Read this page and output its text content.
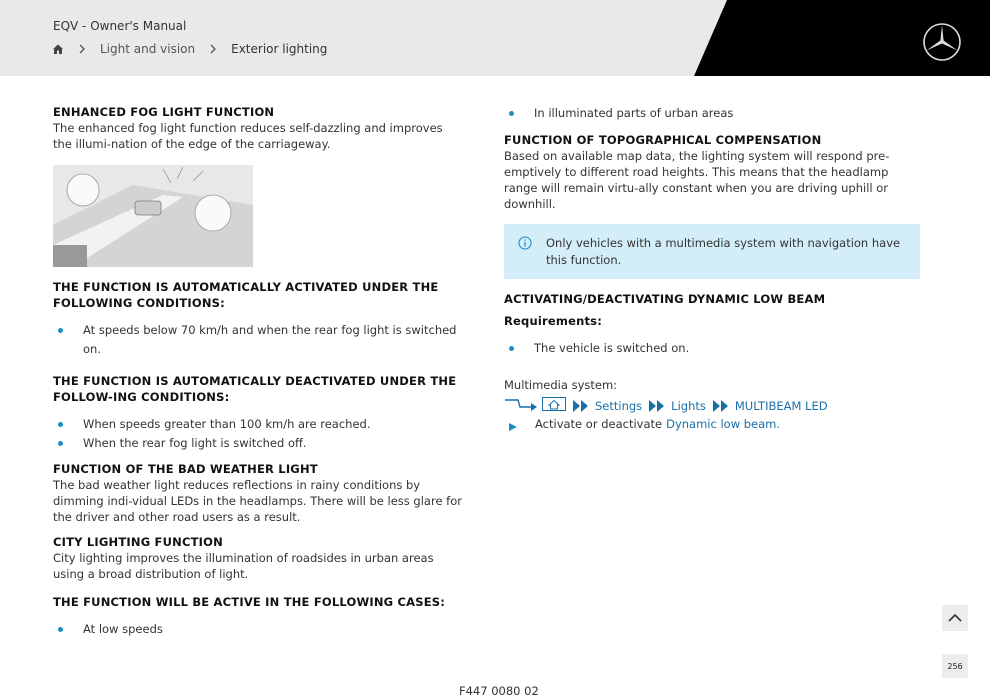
EQV - Owner's Manual
Light and vision	Exterior lighting
ENHANCED FOG LIGHT FUNCTION
The enhanced fog light function reduces self-dazzling and improves the illumi-nation of the edge of the carriageway.
THE FUNCTION IS AUTOMATICALLY ACTIVATED UNDER THE FOLLOWING CONDITIONS:
At speeds below 70 km/h and when the rear fog light is switched on.
THE FUNCTION IS AUTOMATICALLY DEACTIVATED UNDER THE FOLLOW-ING CONDITIONS:
When speeds greater than 100 km/h are reached.
When the rear fog light is switched off.
FUNCTION OF THE BAD WEATHER LIGHT
The bad weather light reduces reflections in rainy conditions by dimming indi-vidual LEDs in the headlamps. There will be less glare for the driver and other road users as a result.
CITY LIGHTING FUNCTION
City lighting improves the illumination of roadsides in urban areas using a broad distribution of light.
THE FUNCTION WILL BE ACTIVE IN THE FOLLOWING CASES:
At low speeds
In illuminated parts of urban areas
FUNCTION OF TOPOGRAPHICAL COMPENSATION
Based on available map data, the lighting system will respond pre-emptively to different road heights. This means that the headlamp range will remain virtu-ally constant when you are driving uphill or downhill.
Only vehicles with a multimedia system with navigation have this function.
ACTIVATING/DEACTIVATING DYNAMIC LOW BEAM
Requirements:
The vehicle is switched on.
Multimedia system:
Settings	Lights	MULTIBEAM LED
Activate or deactivate Dynamic low beam.
256
F447 0080 02
